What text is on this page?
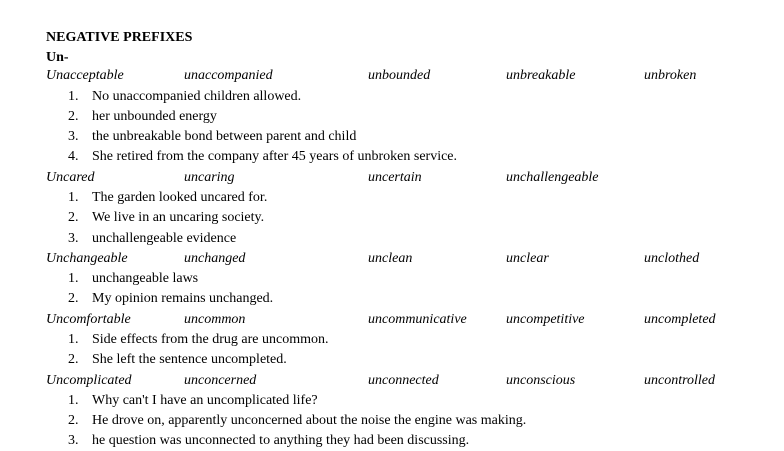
NEGATIVE PREFIXES
Un-
Unacceptable	unaccompanied	unbounded	unbreakable	unbroken
1. No unaccompanied children allowed.
2. her unbounded energy
3. the unbreakable bond between parent and child
4. She retired from the company after 45 years of unbroken service.
Uncared	uncaring	uncertain	unchallengeable
1. The garden looked uncared for.
2. We live in an uncaring society.
3. unchallengeable evidence
Unchangeable	unchanged	unclean	unclear	unclothed
1. unchangeable laws
2. My opinion remains unchanged.
Uncomfortable	uncommon	uncommunicative	uncompetitive	uncompleted
1. Side effects from the drug are uncommon.
2. She left the sentence uncompleted.
Uncomplicated	unconcerned	unconnected	unconscious	uncontrolled
1. Why can't I have an uncomplicated life?
2. He drove on, apparently unconcerned about the noise the engine was making.
3. he question was unconnected to anything they had been discussing.
